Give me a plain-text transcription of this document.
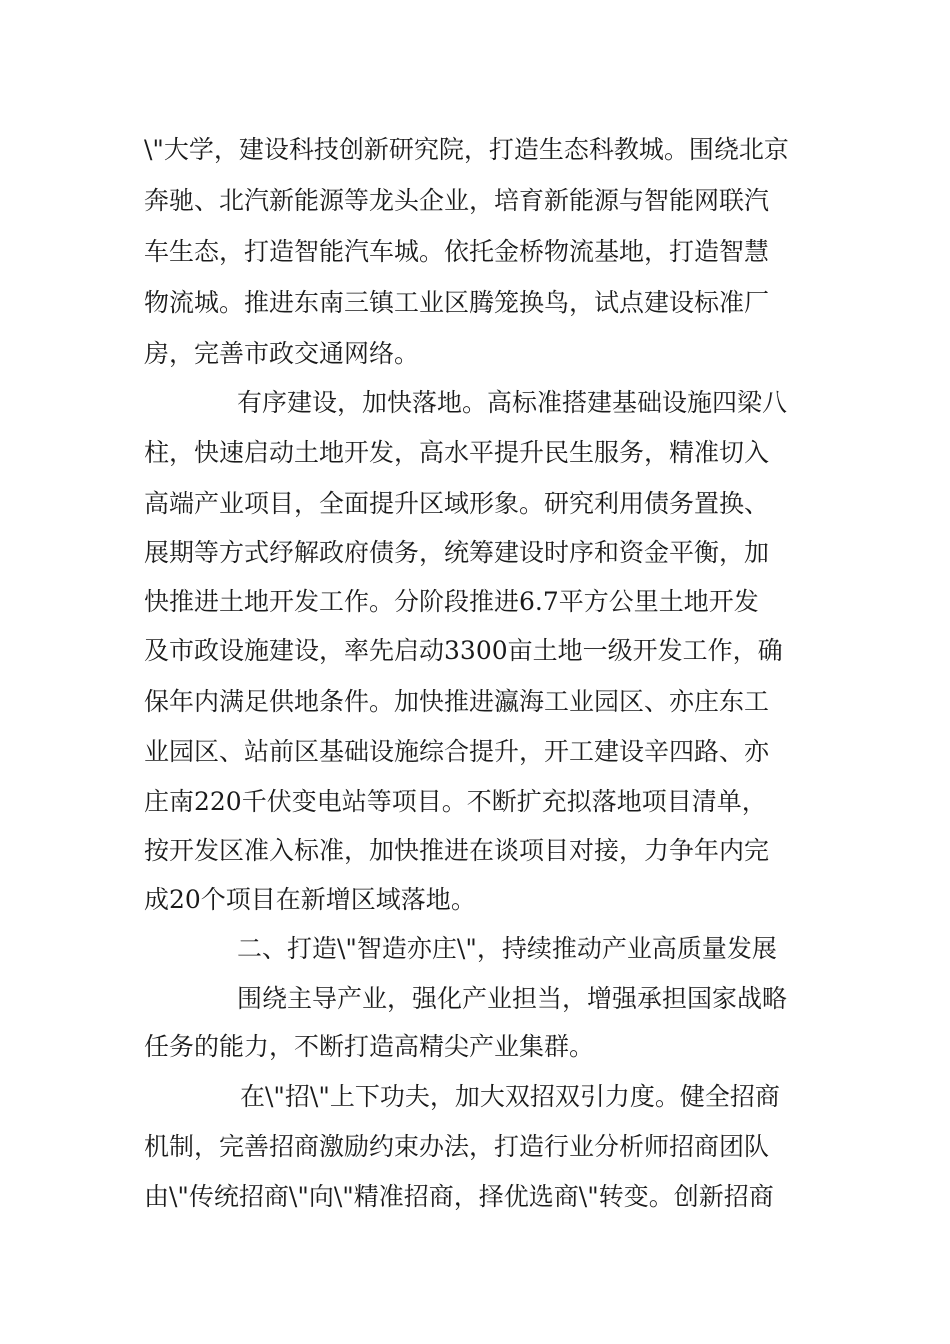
\"大学，建设科技创新研究院，打造生态科教城。围绕北京
奔驰、北汽新能源等龙头企业，培育新能源与智能网联汽
车生态，打造智能汽车城。依托金桥物流基地，打造智慧
物流城。推进东南三镇工业区腾笼换鸟，试点建设标准厂
房，完善市政交通网络。
有序建设，加快落地。高标准搭建基础设施四梁八
柱，快速启动土地开发，高水平提升民生服务，精准切入
高端产业项目，全面提升区域形象。研究利用债务置换、
展期等方式纾解政府债务，统筹建设时序和资金平衡，加
快推进土地开发工作。分阶段推进6.7平方公里土地开发
及市政设施建设，率先启动3300亩土地一级开发工作，确
保年内满足供地条件。加快推进瀛海工业园区、亦庄东工
业园区、站前区基础设施综合提升，开工建设辛四路、亦
庄南220千伏变电站等项目。不断扩充拟落地项目清单，
按开发区准入标准，加快推进在谈项目对接，力争年内完
成20个项目在新增区域落地。
二、打造\"智造亦庄\"，持续推动产业高质量发展
围绕主导产业，强化产业担当，增强承担国家战略
任务的能力，不断打造高精尖产业集群。
在\"招\"上下功夫，加大双招双引力度。健全招商
机制，完善招商激励约束办法，打造行业分析师招商团队
由\"传统招商\"向\"精准招商，择优选商\"转变。创新招商
